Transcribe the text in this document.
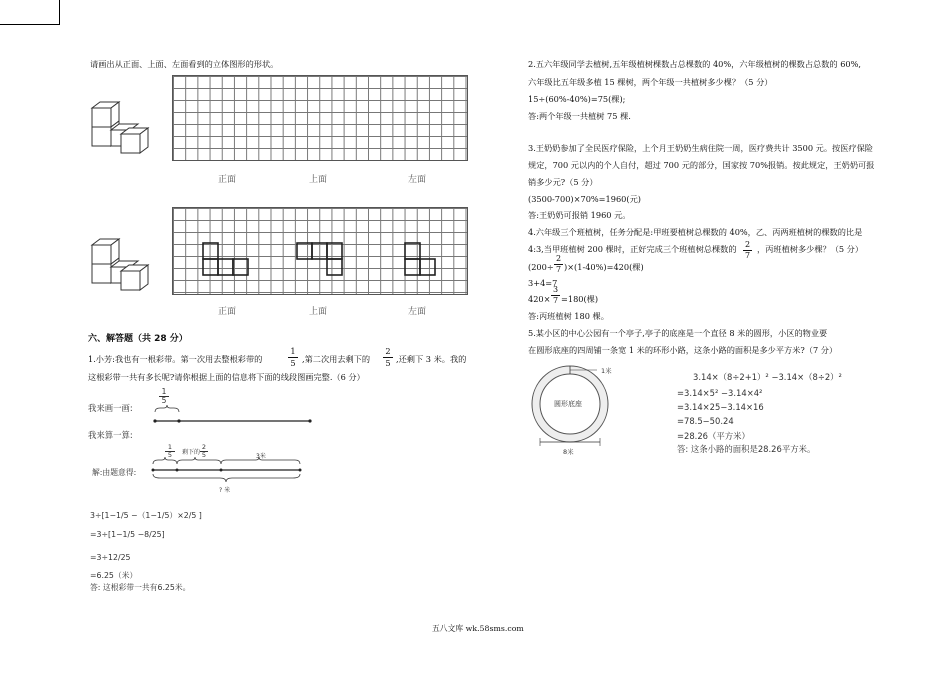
请画出从正面、上面、左面看到的立体图形的形状。
正面	上面	左面
正面	上面	左面
六、解答题（共 28 分）
1.小芳:我也有一根彩带。第一次用去整根彩带的
1
5 ,第二次用去剩下的
2
5 ,还剩下 3 米。我的
这根彩带一共有多长呢?请你根据上面的信息将下面的线段图画完整.（6 分）
我来画一画:
1
5
我来算一算:
解:由题意得:
1
5	剩下的
2
5	3米
? 米
3÷[1−1/5 −（1−1/5）×2/5 ]
=3÷[1−1/5 −8/25]
=3÷12/25
=6.25（米）
答: 这根彩带一共有6.25米。
2.五六年级同学去植树,五年级植树棵数占总棵数的 40%，六年级植树的棵数占总数的 60%,
六年级比五年级多植 15 棵树，两个年级一共植树多少棵？（5 分）
15÷(60%-40%)=75(棵);
答:两个年级一共植树 75 棵.
3.王奶奶参加了全民医疗保险，上个月王奶奶生病住院一周，医疗费共计 3500 元。按医疗保险
规定，700 元以内的个人自付，超过 700 元的部分，国家按 70%报销。按此规定，王奶奶可报
销多少元?（5 分）
(3500-700)×70%=1960(元)
答:王奶奶可报销 1960 元。
4.六年级三个班植树，任务分配是:甲班要植树总棵数的 40%，乙、丙两班植树的棵数的比是
4:3,当甲班植树 200 棵时，正好完成三个班植树总棵数的 2
7
，丙班植树多少棵？（5 分）
(200÷
2
7 )×(1-40%)=420(棵)
3+4=7
420×
3
7 =180(棵)
答:丙班植树 180 棵。
5.某小区的中心公园有一个亭子,亭子的底座是一个直径 8 米的圆形，小区的物业要
在圆形底座的四周铺一条宽 1 米的环形小路，这条小路的面积是多少平方米?（7 分）
1米
圆形底座
8米
3.14×（8÷2+1）² −3.14×（8÷2）²
=3.14×5² −3.14×4²
=3.14×25−3.14×16
=78.5−50.24
=28.26（平方米）
答: 这条小路的面积是28.26平方米。
五八文库 wk.58sms.com
